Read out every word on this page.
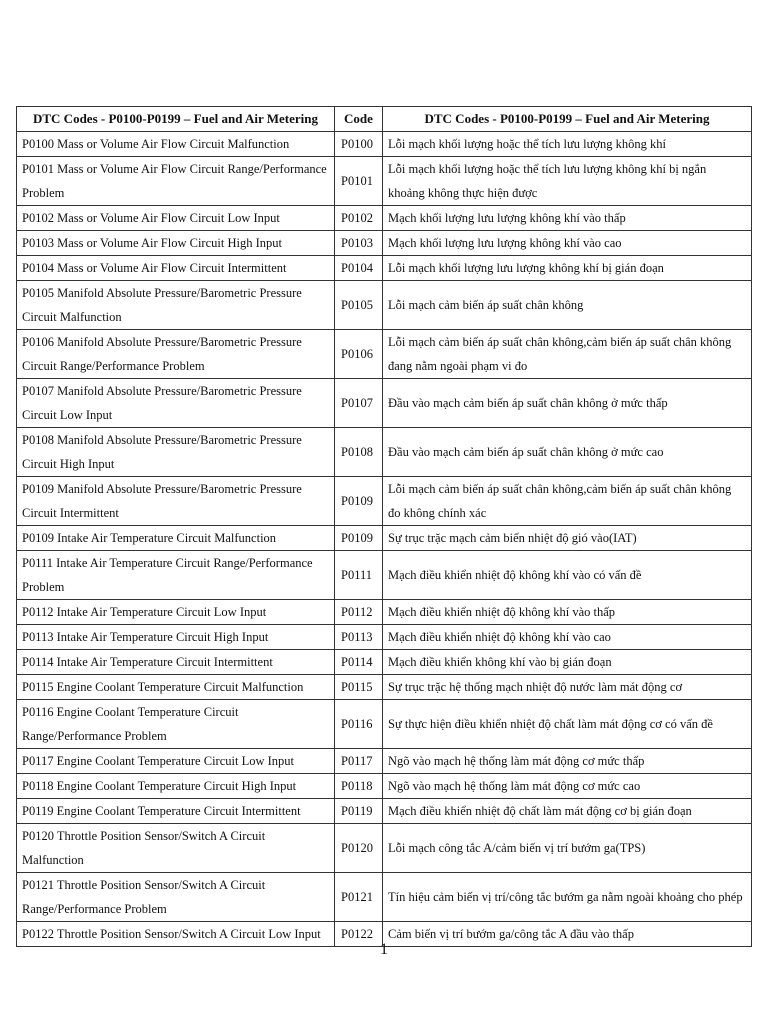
DTC Codes - P0100-P0199 – Fuel and Air Metering	Code	DTC Codes - P0100-P0199 – Fuel and Air Metering
P0100 Mass or Volume Air Flow Circuit Malfunction	P0100	Lỗi mạch khối lượng hoặc thể tích lưu lượng không khí
P0101 Mass or Volume Air Flow Circuit Range/Performance Problem	P0101	Lỗi mạch khối lượng hoặc thể tích lưu lượng không khí bị ngắn khoảng không thực hiện được
P0102 Mass or Volume Air Flow Circuit Low Input	P0102	Mạch khối lượng lưu lượng không khí vào thấp
P0103 Mass or Volume Air Flow Circuit High Input	P0103	Mạch khối lượng lưu lượng không khí vào cao
P0104 Mass or Volume Air Flow Circuit Intermittent	P0104	Lỗi mạch khối lượng lưu lượng không khí bị gián đoạn
P0105 Manifold Absolute Pressure/Barometric Pressure Circuit Malfunction	P0105	Lỗi mạch cảm biến áp suất chân không
P0106 Manifold Absolute Pressure/Barometric Pressure Circuit Range/Performance Problem	P0106	Lỗi mạch cảm biến áp suất chân không,cảm biến áp suất chân không đang nằm ngoài phạm vi đo
P0107 Manifold Absolute Pressure/Barometric Pressure Circuit Low Input	P0107	Đầu vào mạch cảm biến áp suất chân không ở mức thấp
P0108 Manifold Absolute Pressure/Barometric Pressure Circuit High Input	P0108	Đầu vào mạch cảm biến áp suất chân không ở mức cao
P0109 Manifold Absolute Pressure/Barometric Pressure Circuit Intermittent	P0109	Lỗi mạch cảm biến áp suất chân không,cảm biến áp suất chân không đo không chính xác
P0109 Intake Air Temperature Circuit Malfunction	P0109	Sự trục trặc mạch cảm biến nhiệt độ gió vào(IAT)
P0111 Intake Air Temperature Circuit Range/Performance Problem	P0111	Mạch điều khiển nhiệt độ không khí vào có vấn đề
P0112 Intake Air Temperature Circuit Low Input	P0112	Mạch điều khiển nhiệt độ không khí vào thấp
P0113 Intake Air Temperature Circuit High Input	P0113	Mạch điều khiển nhiệt độ không khí vào cao
P0114 Intake Air Temperature Circuit Intermittent	P0114	Mạch điều khiển không khí vào bị gián đoạn
P0115 Engine Coolant Temperature Circuit Malfunction	P0115	Sự trục trặc hệ thống mạch nhiệt độ nước làm mát động cơ
P0116 Engine Coolant Temperature Circuit Range/Performance Problem	P0116	Sự thực hiện điều khiển nhiệt độ chất làm mát động cơ có vấn đề
P0117 Engine Coolant Temperature Circuit Low Input	P0117	Ngõ vào mạch hệ thống làm mát động cơ mức thấp
P0118 Engine Coolant Temperature Circuit High Input	P0118	Ngõ vào mạch hệ thống làm mát động cơ mức cao
P0119 Engine Coolant Temperature Circuit Intermittent	P0119	Mạch điều khiển nhiệt độ chất làm mát động cơ bị gián đoạn
P0120 Throttle Position Sensor/Switch A Circuit Malfunction	P0120	Lỗi mạch công tắc A/cảm biến vị trí bướm ga(TPS)
P0121 Throttle Position Sensor/Switch A Circuit Range/Performance Problem	P0121	Tín hiệu cảm biến vị trí/công tắc bướm ga nằm ngoài khoảng cho phép
P0122 Throttle Position Sensor/Switch A Circuit Low Input	P0122	Cảm biến vị trí bướm ga/công tắc A đầu vào thấp
1
